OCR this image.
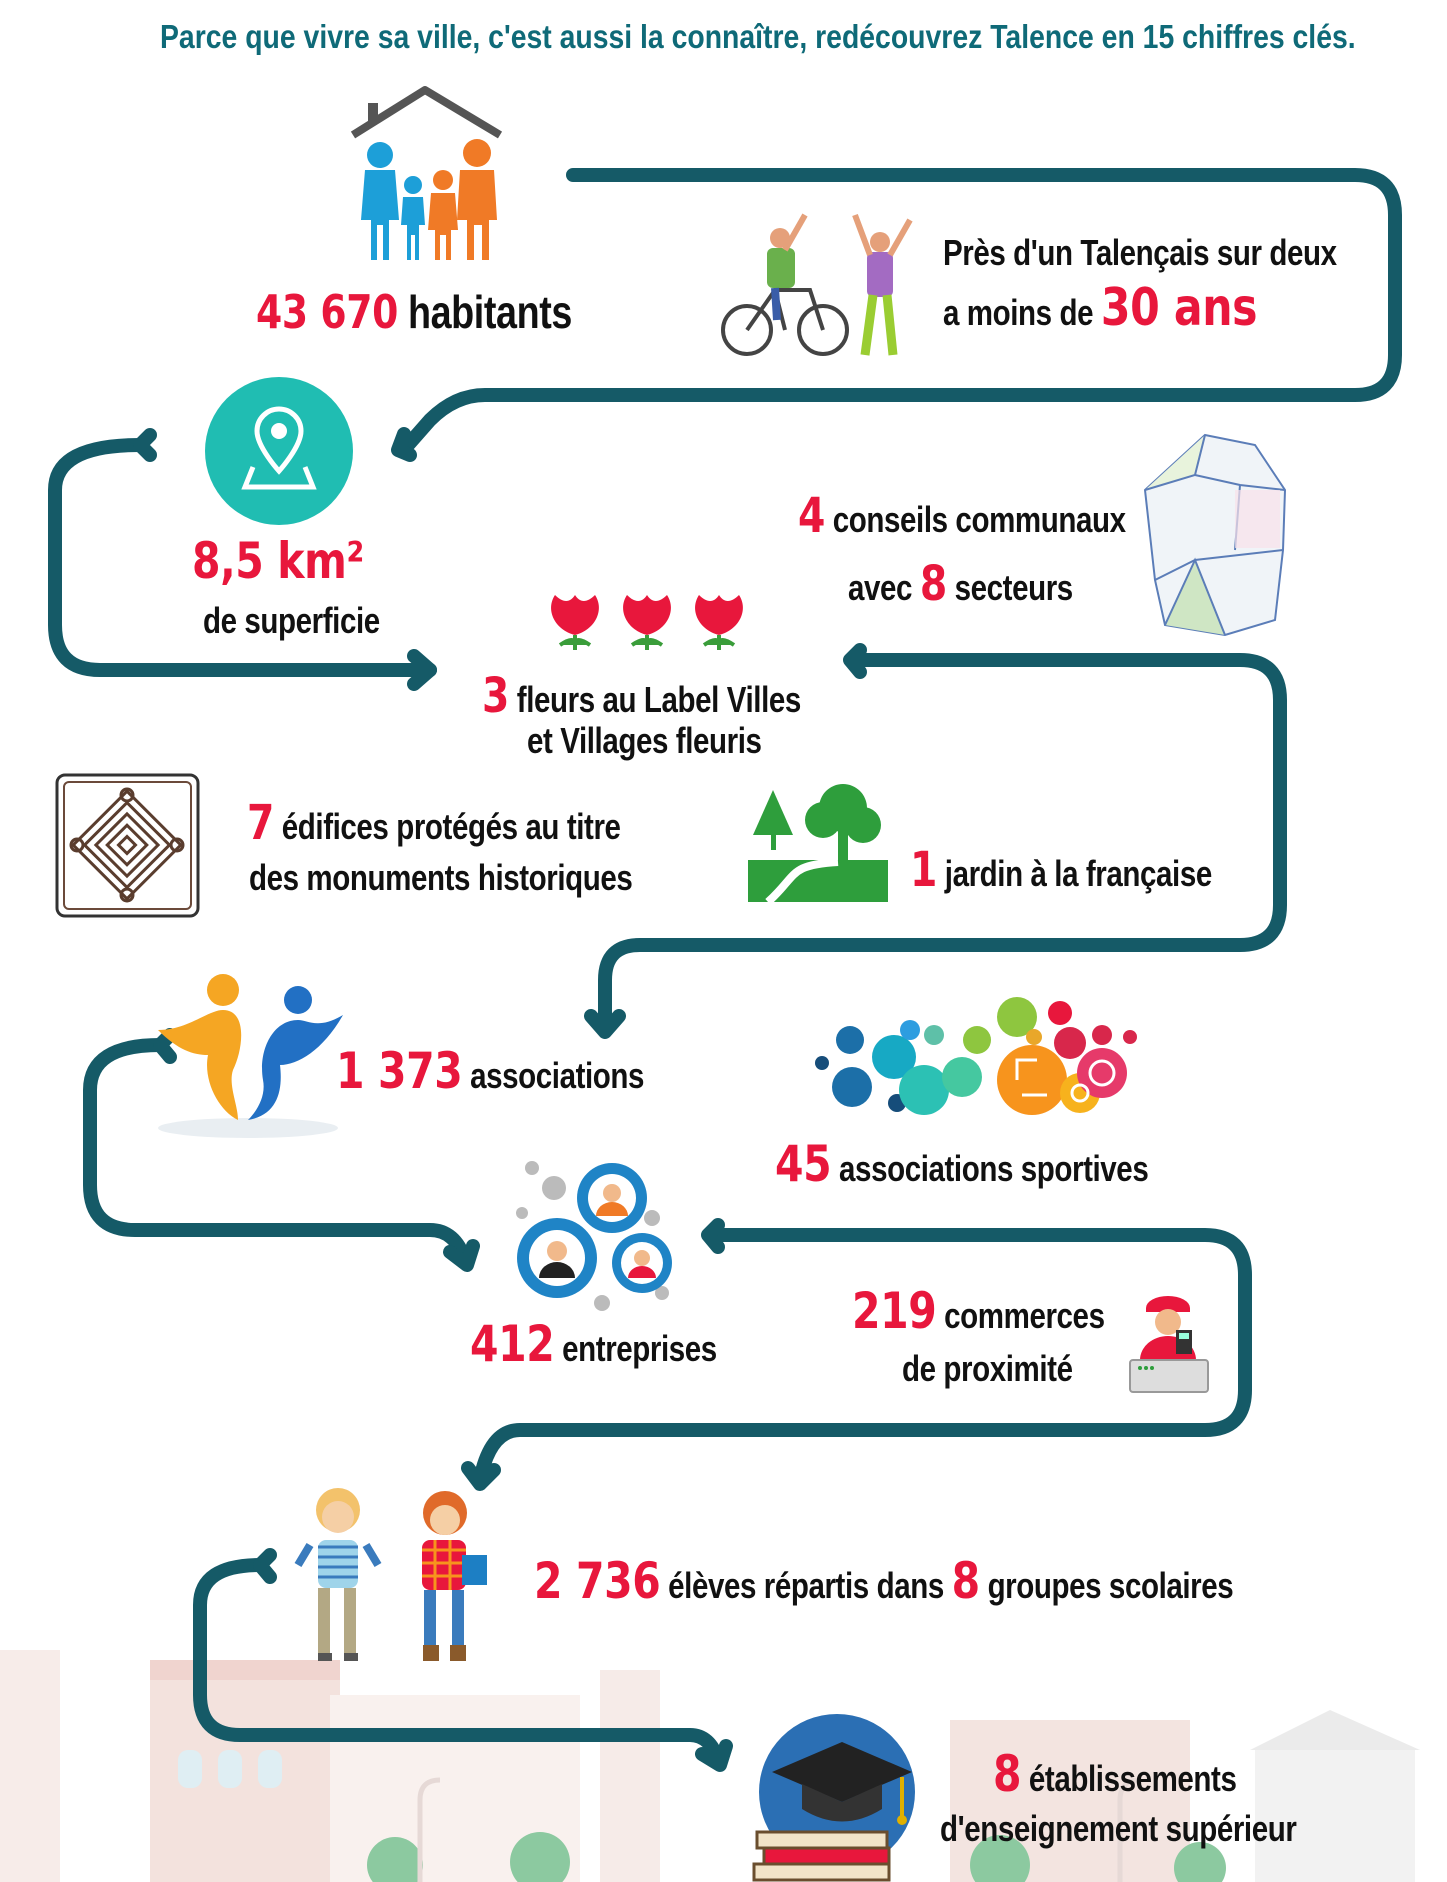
Parce que vivre sa ville, c'est aussi la connaître, redécouvrez Talence en 15 chiffres clés.
43 670 habitants
Près d'un Talençais sur deux
a moins de 30 ans
8,5 km²
de superficie
4 conseils communaux
avec 8 secteurs
3 fleurs au Label Villes
et Villages fleuris
7 édifices protégés au titre
des monuments historiques	1 jardin à la française
1 373 associations
45 associations sportives
412 entreprises
219 commerces
de proximité
2 736 élèves répartis dans 8 groupes scolaires
8 établissements
d'enseignement supérieur
